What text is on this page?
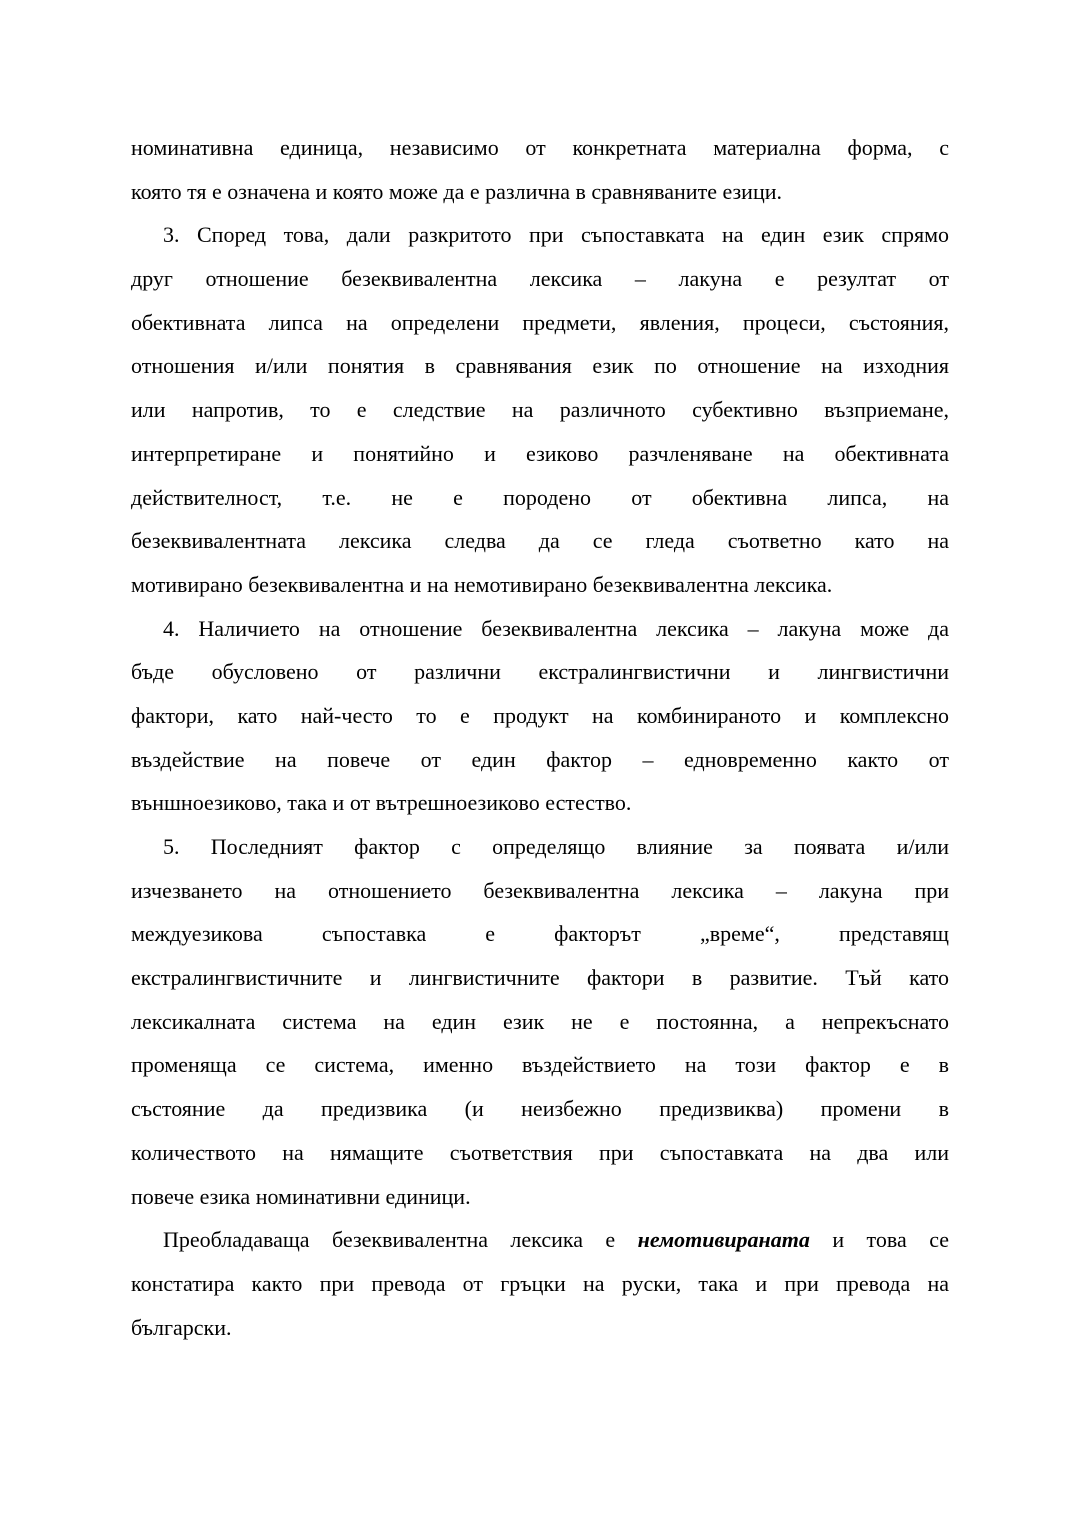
номинативна единица, независимо от конкретната материална форма, с
която тя е означена и която може да е различна в сравняваните езици.
3. Според това, дали разкритото при съпоставката на един език спрямо
друг отношение безеквивалентна лексика – лакуна е резултат от
обективната липса на определени предмети, явления, процеси, състояния,
отношения и/или понятия в сравнявания език по отношение на изходния
или напротив, то е следствие на различното субективно възприемане,
интерпретиране и понятийно и езиково разчленяване на обективната
действителност, т.е. не е породено от обективна липса, на
безеквивалентната лексика следва да се гледа съответно като на
мотивирано безеквивалентна и на немотивирано безеквивалентна лексика.
4. Наличието на отношение безеквивалентна лексика – лакуна може да
бъде обусловено от различни екстралингвистични и лингвистични
фактори, като най-често то е продукт на комбинираното и комплексно
въздействие на повече от един фактор – едновременно както от
външноезиково, така и от вътрешноезиково естество.
5. Последният фактор с определящо влияние за появата и/или
изчезването на отношението безеквивалентна лексика – лакуна при
междуезикова съпоставка е факторът „време“, представящ
екстралингвистичните и лингвистичните фактори в развитие. Тъй като
лексикалната система на един език не е постоянна, а непрекъснато
променяща се система, именно въздействието на този фактор е в
състояние да предизвика (и неизбежно предизвиква) промени в
количеството на нямащите съответствия при съпоставката на два или
повече езика номинативни единици.
Преобладаваща безеквивалентна лексика е немотивираната и това се
констатира както при превода от гръцки на руски, така и при превода на
български.
